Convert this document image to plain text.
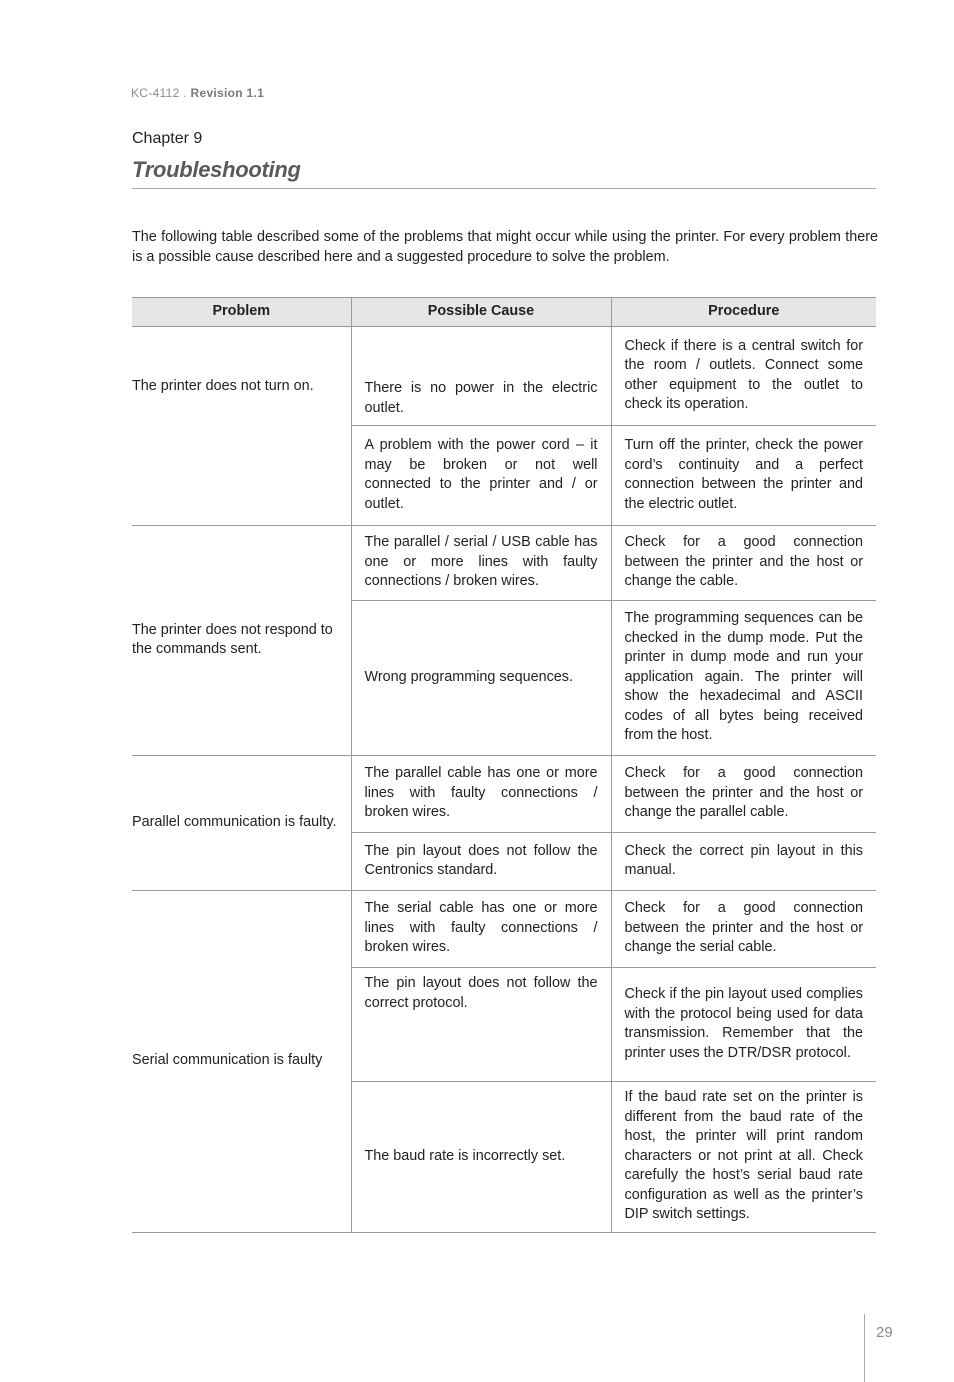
KC-4112 . Revision 1.1
Chapter 9
Troubleshooting
The following table described some of the problems that might occur while using the printer. For every problem there is a possible cause described here and a suggested procedure to solve the problem.
Problem	Possible Cause	Procedure
The printer does not turn on.	There is no power in the electric outlet.	Check if there is a central switch for the room / outlets. Connect some other equipment to the outlet to check its operation.
	A problem with the power cord – it may be broken or not well connected to the printer and / or outlet.	Turn off the printer, check the power cord’s continuity and a perfect connection between the printer and the electric outlet.
The printer does not respond to the commands sent.	The parallel / serial / USB cable has one or more lines with faulty connections / broken wires.	Check for a good connection between the printer and the host or change the cable.
	Wrong programming sequences.	The programming sequences can be checked in the dump mode. Put the printer in dump mode and run your application again. The printer will show the hexadecimal and ASCII codes of all bytes being received from the host.
Parallel communication is faulty.	The parallel cable has one or more lines with faulty connections / broken wires.	Check for a good connection between the printer and the host or change the parallel cable.
	The pin layout does not follow the Centronics standard.	Check the correct pin layout in this manual.
Serial communication is faulty	The serial cable has one or more lines with faulty connections / broken wires.	Check for a good connection between the printer and the host or change the serial cable.
	The pin layout does not follow the correct protocol.	Check if the pin layout used complies with the protocol being used for data transmission. Remember that the printer uses the DTR/DSR protocol.
	The baud rate is incorrectly set.	If the baud rate set on the printer is different from the baud rate of the host, the printer will print random characters or not print at all. Check carefully the host’s serial baud rate configuration as well as the printer’s DIP switch settings.
29
